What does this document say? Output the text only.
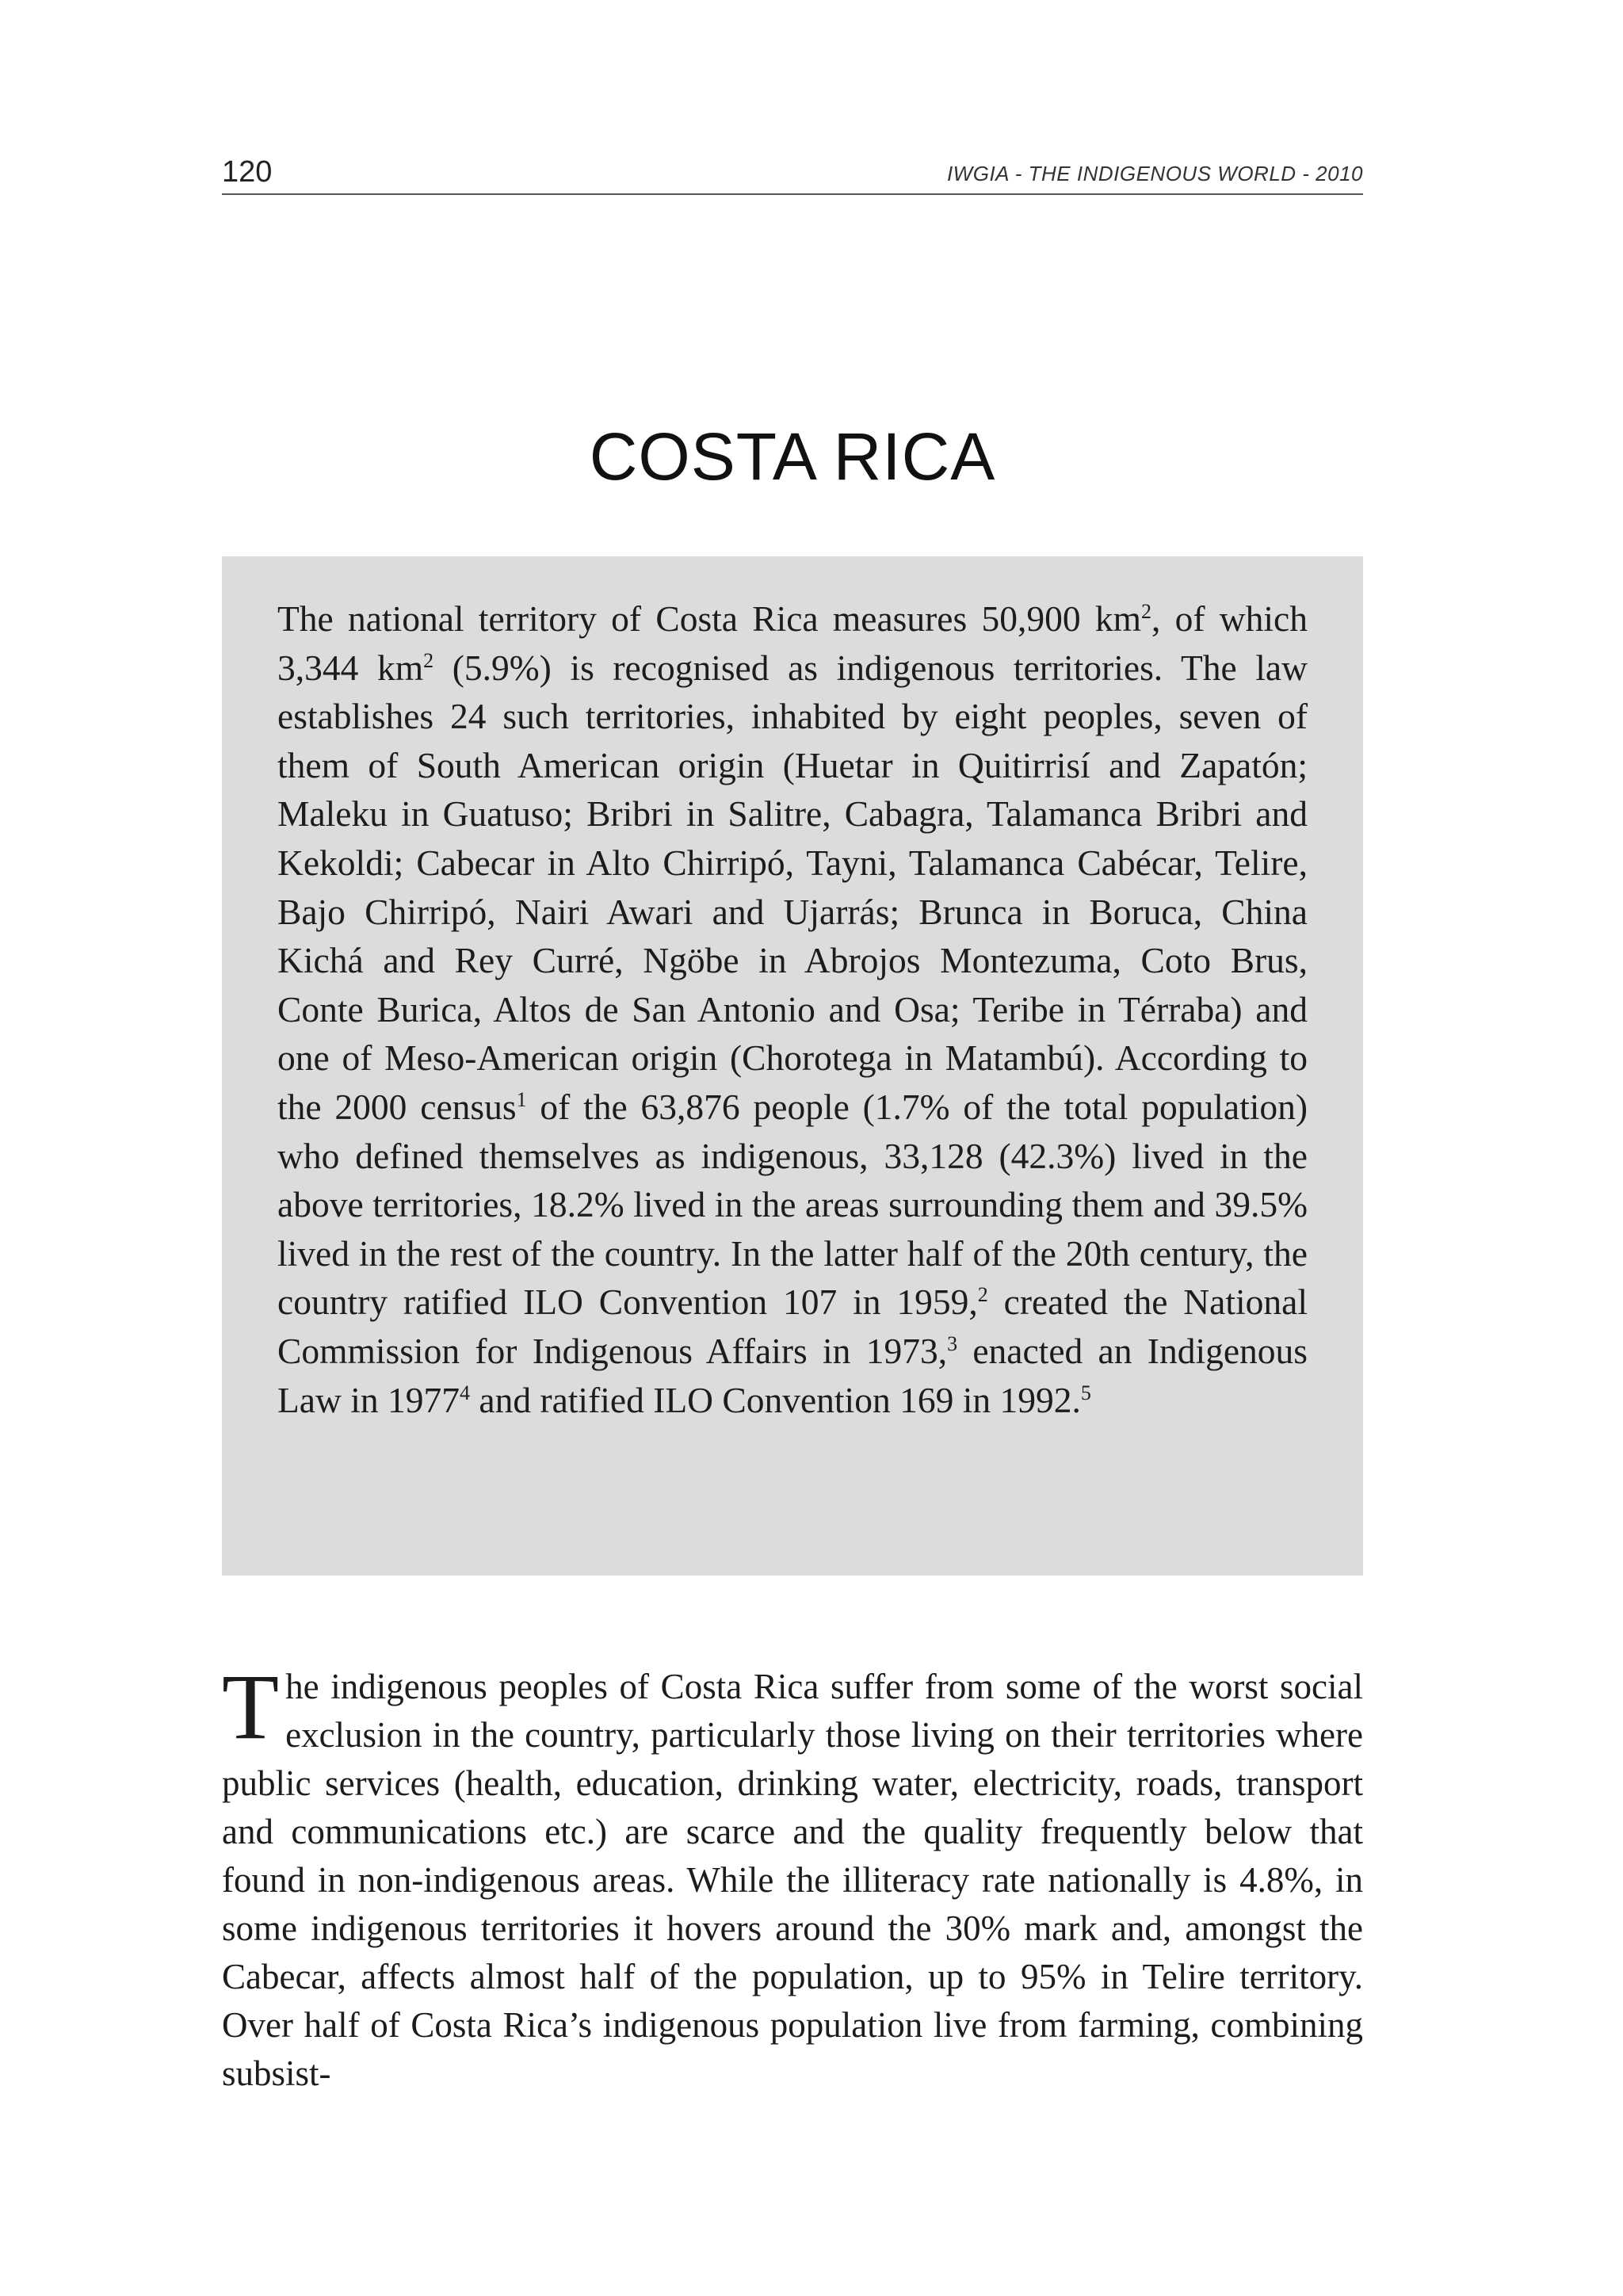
120	IWGIA - THE INDIGENOUS WORLD - 2010
COSTA RICA

The national territory of Costa Rica measures 50,900 $km^2$, of which 3,344 $km^2$ (5.9%) is recognised as indigenous territories. The law establishes 24 such territories, inhabited by eight peoples, seven of them of South American origin (Huetar in Quitirrisí and Zapatón; Maleku in Guatuso; Bribri in Salitre, Cabagra, Talamanca Bribri and Kekoldi; Cabecar in Alto Chirripó, Tayni, Talamanca Cabécar, Telire, Bajo Chirripó, Nairi Awari and Ujarrás; Brunca in Boruca, China Kichá and Rey Curré, Ngöbe in Abrojos Montezuma, Coto Brus, Conte Burica, Altos de San Antonio and Osa; Teribe in Térraba) and one of Meso-American origin (Chorotega in Matambú). According to the 2000 census$^1$ of the 63,876 people (1.7% of the total population) who defined themselves as indigenous, 33,128 (42.3%) lived in the above territories, 18.2% lived in the areas surrounding them and 39.5% lived in the rest of the country. In the latter half of the 20th century, the country ratified ILO Convention 107 in 1959,$^2$ created the National Commission for Indigenous Affairs in 1973,$^3$ enacted an Indigenous Law in 1977$^4$ and ratified ILO Convention 169 in 1992.$^5$

The indigenous peoples of Costa Rica suffer from some of the worst social exclusion in the country, particularly those living on their territories where public services (health, education, drinking water, electricity, roads, transport and communications etc.) are scarce and the quality frequently below that found in non-indigenous areas. While the illiteracy rate nationally is 4.8%, in some indigenous territories it hovers around the 30% mark and, amongst the Cabecar, affects almost half of the population, up to 95% in Telire territory. Over half of Costa Rica’s indigenous population live from farming, combining subsist-
